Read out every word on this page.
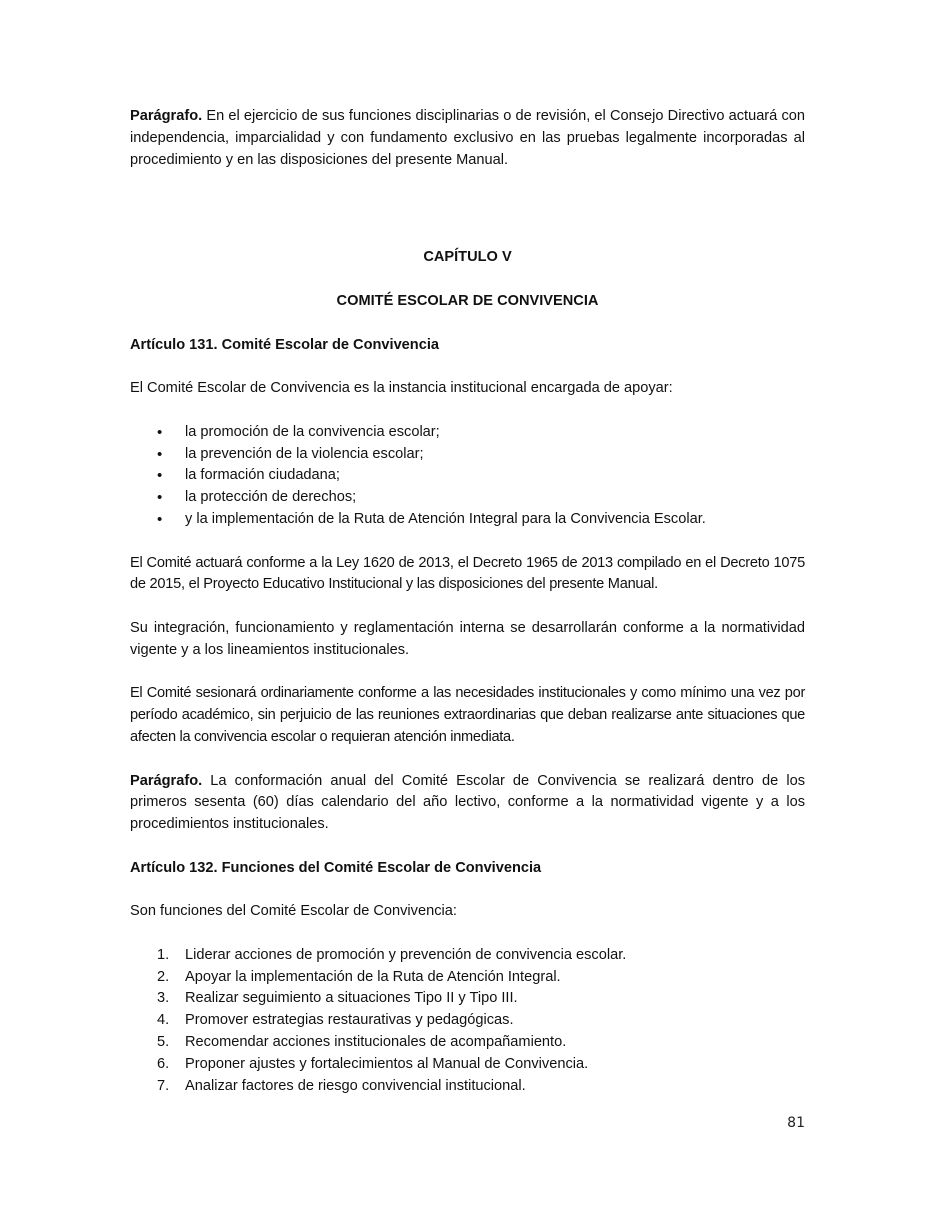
Parágrafo. En el ejercicio de sus funciones disciplinarias o de revisión, el Consejo Directivo actuará con independencia, imparcialidad y con fundamento exclusivo en las pruebas legalmente incorporadas al procedimiento y en las disposiciones del presente Manual.

CAPÍTULO V

COMITÉ ESCOLAR DE CONVIVENCIA

Artículo 131. Comité Escolar de Convivencia

El Comité Escolar de Convivencia es la instancia institucional encargada de apoyar:

• la promoción de la convivencia escolar;
• la prevención de la violencia escolar;
• la formación ciudadana;
• la protección de derechos;
• y la implementación de la Ruta de Atención Integral para la Convivencia Escolar.

El Comité actuará conforme a la Ley 1620 de 2013, el Decreto 1965 de 2013 compilado en el Decreto 1075 de 2015, el Proyecto Educativo Institucional y las disposiciones del presente Manual.

Su integración, funcionamiento y reglamentación interna se desarrollarán conforme a la normatividad vigente y a los lineamientos institucionales.

El Comité sesionará ordinariamente conforme a las necesidades institucionales y como mínimo una vez por período académico, sin perjuicio de las reuniones extraordinarias que deban realizarse ante situaciones que afecten la convivencia escolar o requieran atención inmediata.

Parágrafo. La conformación anual del Comité Escolar de Convivencia se realizará dentro de los primeros sesenta (60) días calendario del año lectivo, conforme a la normatividad vigente y a los procedimientos institucionales.

Artículo 132. Funciones del Comité Escolar de Convivencia

Son funciones del Comité Escolar de Convivencia:

1. Liderar acciones de promoción y prevención de convivencia escolar.
2. Apoyar la implementación de la Ruta de Atención Integral.
3. Realizar seguimiento a situaciones Tipo II y Tipo III.
4. Promover estrategias restaurativas y pedagógicas.
5. Recomendar acciones institucionales de acompañamiento.
6. Proponer ajustes y fortalecimientos al Manual de Convivencia.
7. Analizar factores de riesgo convivencial institucional.
81
